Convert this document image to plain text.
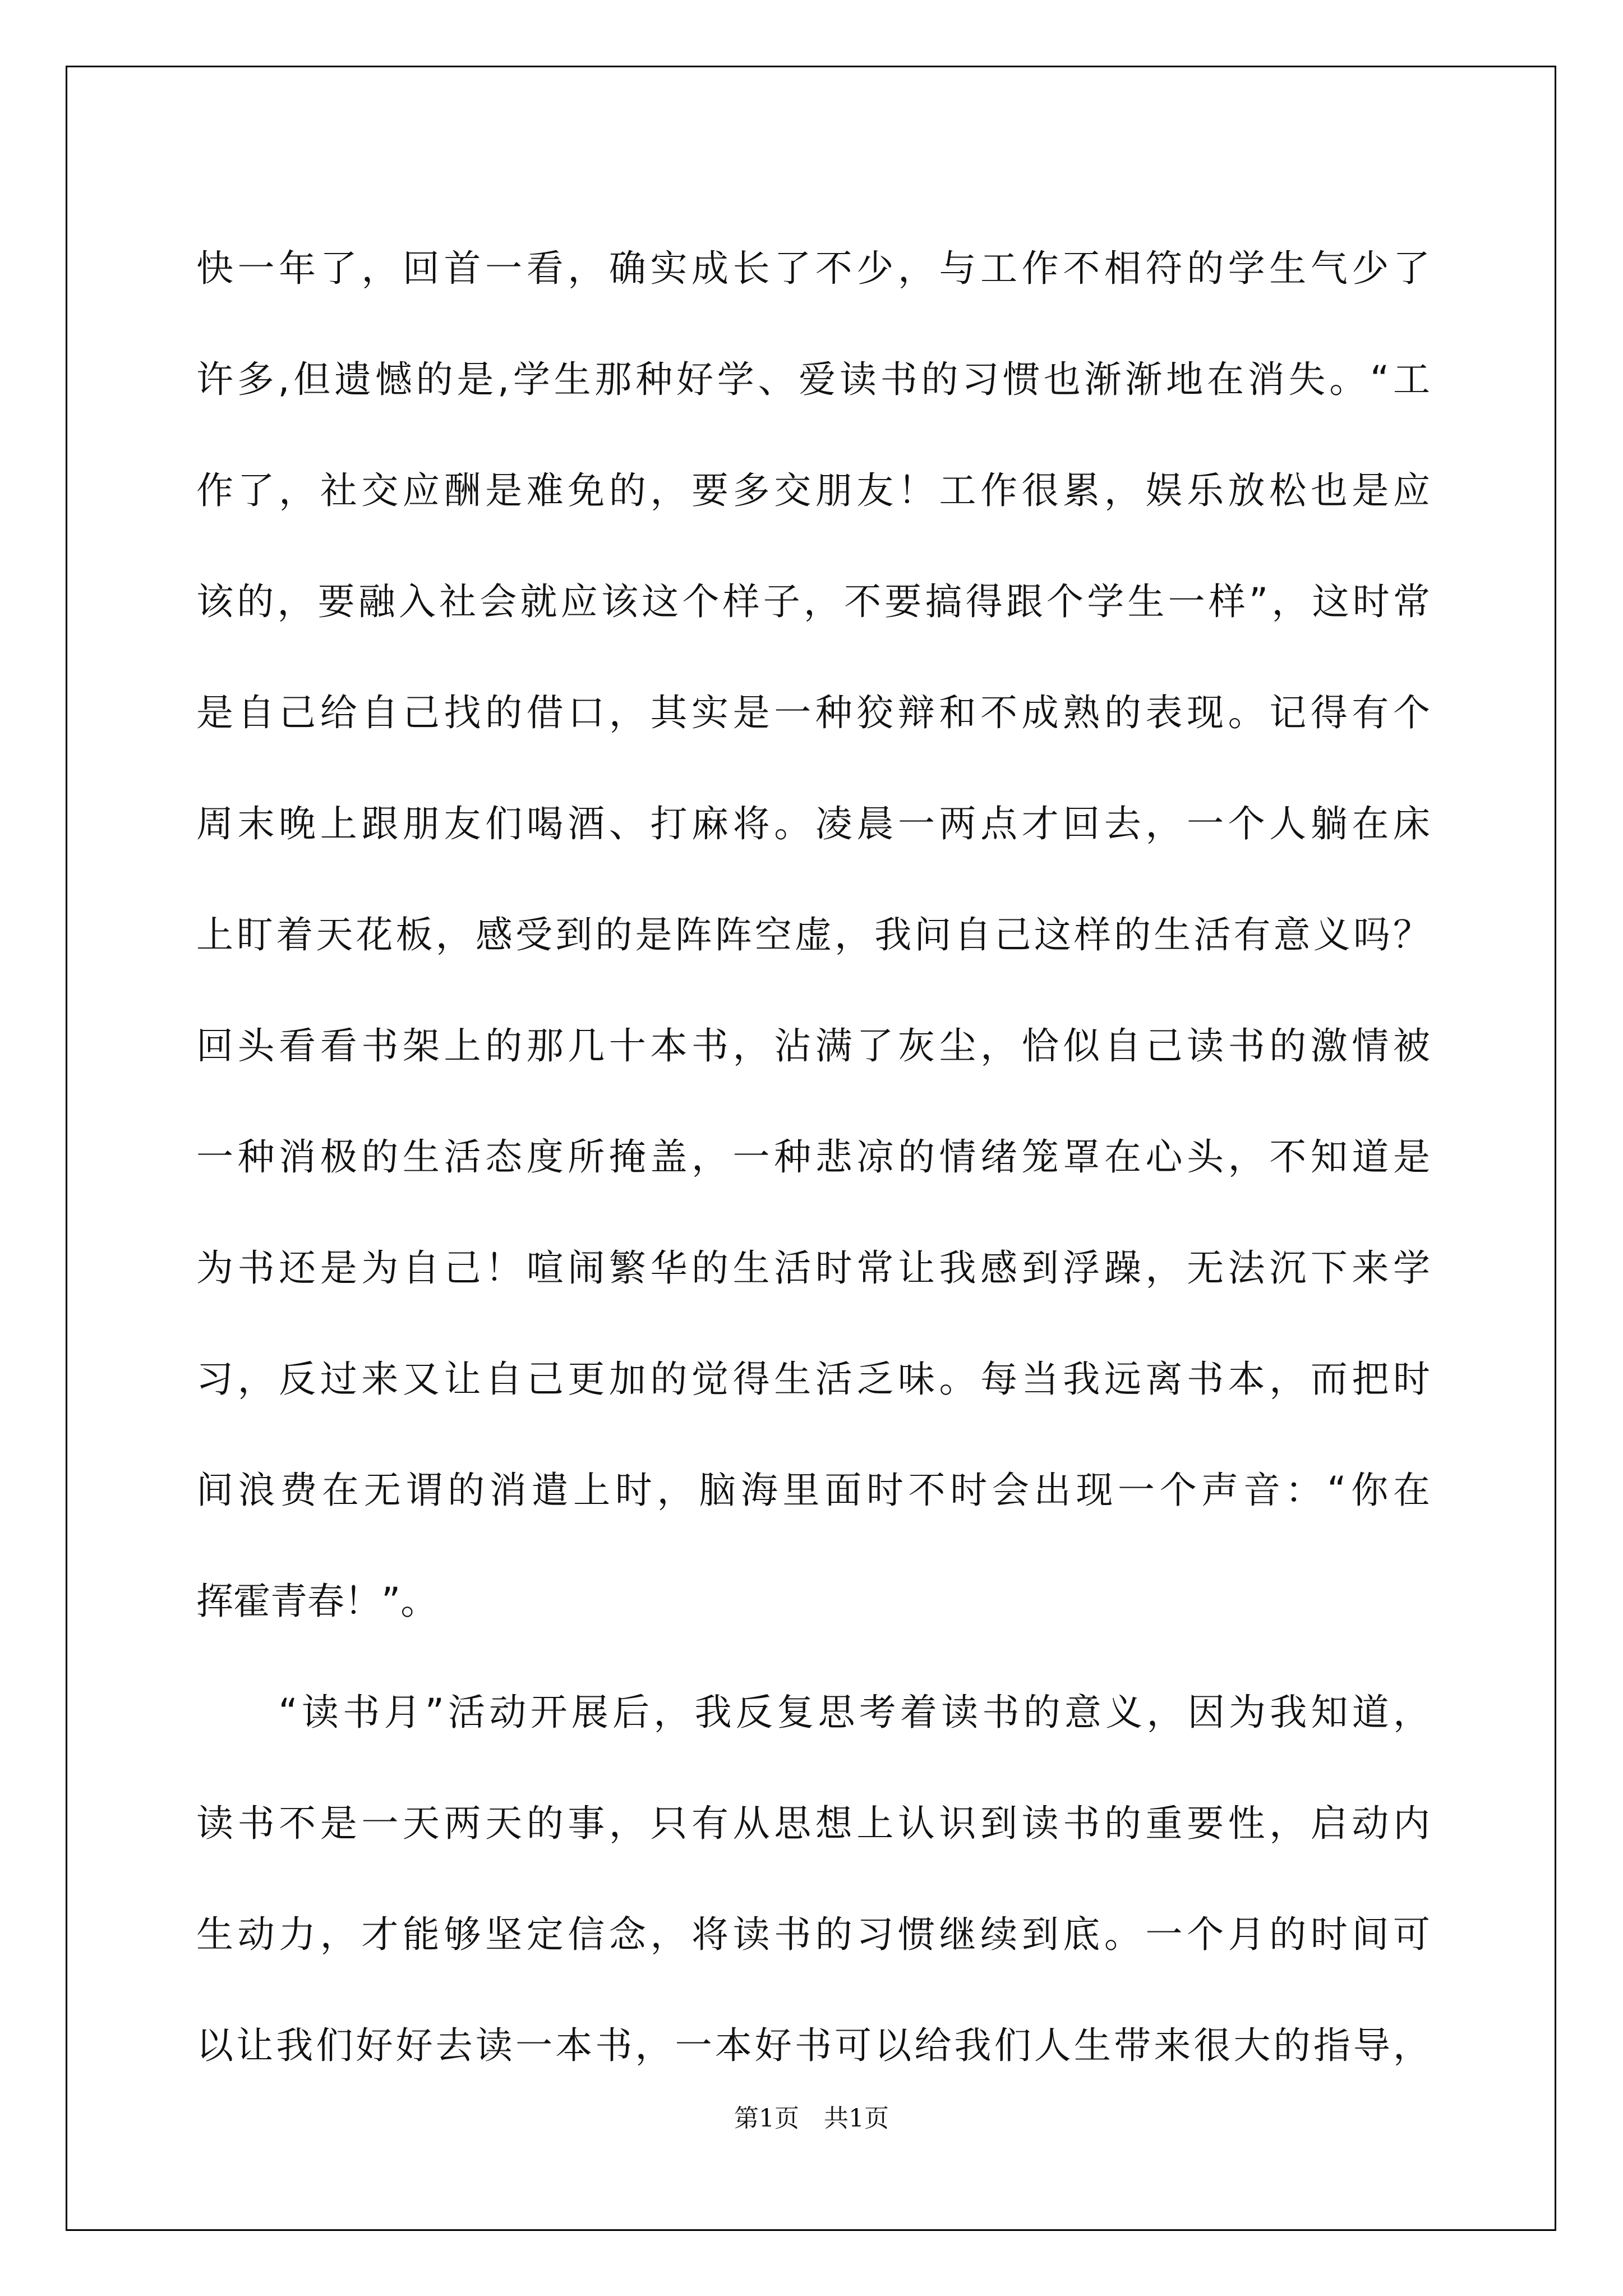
快一年了，回首一看，确实成长了不少，与工作不相符的学生气少了
许多,但遗憾的是,学生那种好学、爱读书的习惯也渐渐地在消失。“工
作了，社交应酬是难免的，要多交朋友！工作很累，娱乐放松也是应
该的，要融入社会就应该这个样子，不要搞得跟个学生一样”，这时常
是自己给自己找的借口，其实是一种狡辩和不成熟的表现。记得有个
周末晚上跟朋友们喝酒、打麻将。凌晨一两点才回去，一个人躺在床
上盯着天花板，感受到的是阵阵空虚，我问自己这样的生活有意义吗？
回头看看书架上的那几十本书，沾满了灰尘，恰似自己读书的激情被
一种消极的生活态度所掩盖，一种悲凉的情绪笼罩在心头，不知道是
为书还是为自己！喧闹繁华的生活时常让我感到浮躁，无法沉下来学
习，反过来又让自己更加的觉得生活乏味。每当我远离书本，而把时
间浪费在无谓的消遣上时，脑海里面时不时会出现一个声音：“你在
挥霍青春！”。
　　“读书月”活动开展后，我反复思考着读书的意义，因为我知道，
读书不是一天两天的事，只有从思想上认识到读书的重要性，启动内
生动力，才能够坚定信念，将读书的习惯继续到底。一个月的时间可
以让我们好好去读一本书，一本好书可以给我们人生带来很大的指导，
第1页　共1页
